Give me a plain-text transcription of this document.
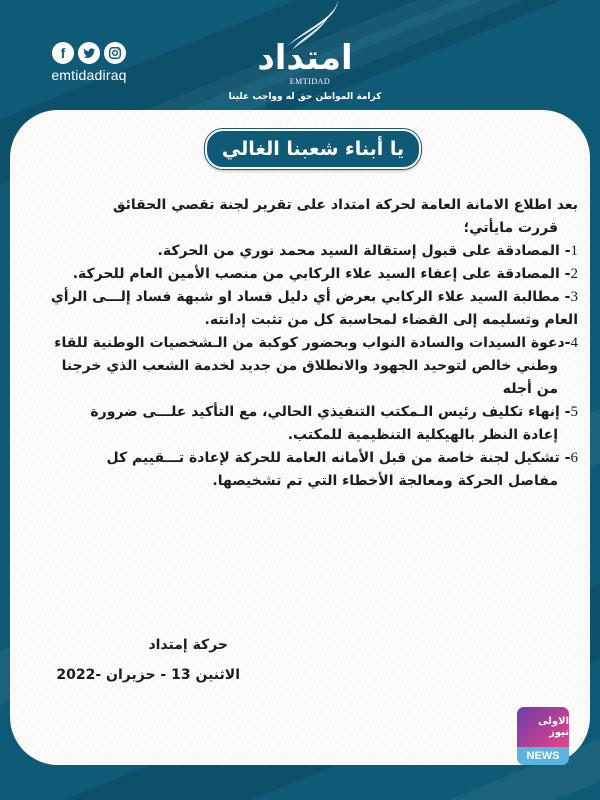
f
emtidadiraq	امتداد
EMTIDAD
كرامة المواطن حق له وواجب علينا
يا أبناء شعبنا الغالي
بعد اطلاع الامانة العامة لحركة امتداد على تقرير لجنة تقصي الحقائق
قررت مايأتي؛
1- المصادقة على قبول إستقالة السيد محمد نوري من الحركة.
2- المصادقة على إعفاء السيد علاء الركابي من منصب الأمين العام للحركة.
3- مطالبة السيد علاء الركابي بعرض أي دليل فساد او شبهة فساد إلـــى الرأي
العام وتسليمه إلى القضاء لمحاسبة كل من تثبت إدانته.
4-دعوة السيدات والسادة النواب وبحضور كوكبة من الـشخصيات الوطنية للقاء
وطني خالص لتوحيد الجهود والانطلاق من جديد لخدمة الشعب الذي خرجنا
من أجله
5- إنهاء تكليف رئيس الـمكتب التنفيذي الحالي، مع التأكيد علـــى ضرورة
إعادة النظر بالهيكلية التنظيمية للمكتب.
6- تشكيل لجنة خاصة من قبل الأمانه العامة للحركة لإعادة تـــقييم كل
مفاصل الحركة ومعالجة الأخطاء التي تم تشخيصها.
حركة إمتداد
الاثنين 13 - حزيران -2022
الاولى نيوز
NEWS
